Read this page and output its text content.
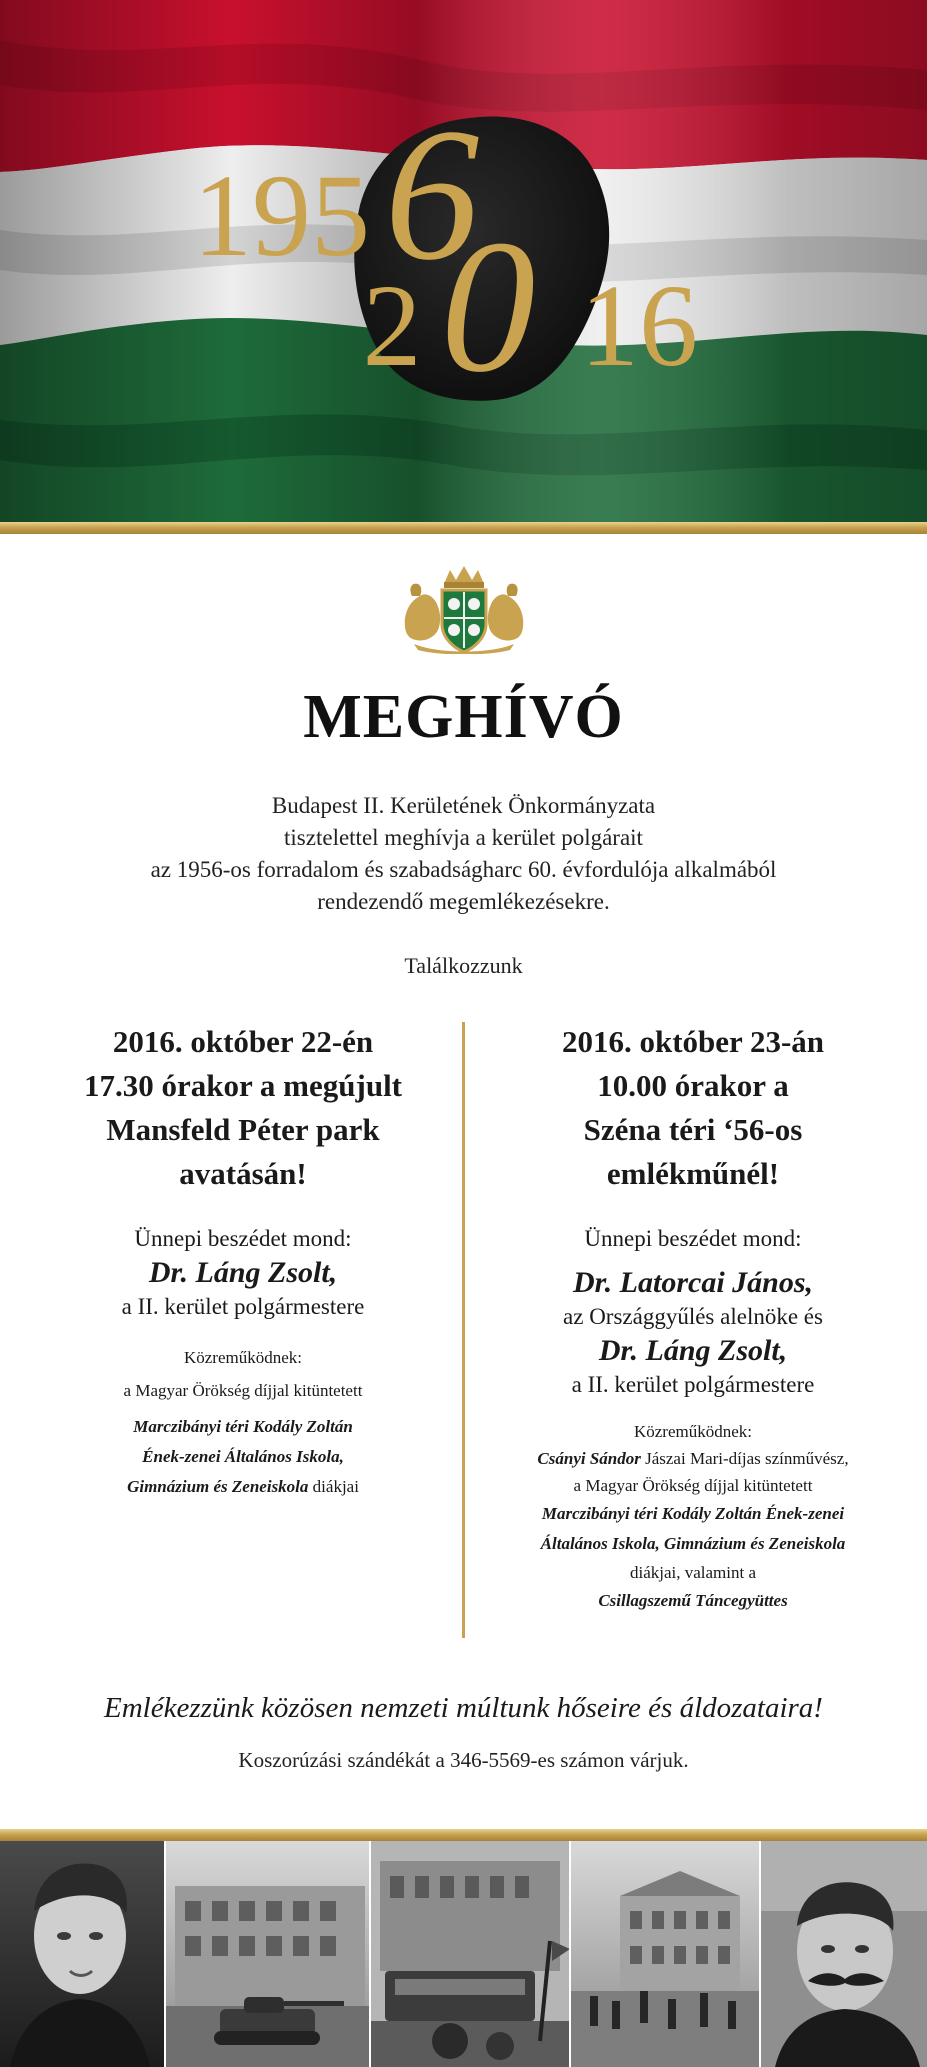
195 6
2 0 16
MEGHÍVÓ
Budapest II. Kerületének Önkormányzata
tisztelettel meghívja a kerület polgárait
az 1956-os forradalom és szabadságharc 60. évfordulója alkalmából
rendezendő megemlékezésekre.
Találkozzunk
2016. október 22-én
17.30 órakor a megújult
Mansfeld Péter park
avatásán!
Ünnepi beszédet mond:
Dr. Láng Zsolt,
a II. kerület polgármestere
Közreműködnek:
a Magyar Örökség díjjal kitüntetett
Marczibányi téri Kodály Zoltán
Ének-zenei Általános Iskola,
Gimnázium és Zeneiskola diákjai
2016. október 23-án
10.00 órakor a
Széna téri ‘56-os
emlékműnél!
Ünnepi beszédet mond:
Dr. Latorcai János,
az Országgyűlés alelnöke és
Dr. Láng Zsolt,
a II. kerület polgármestere
Közreműködnek:
Csányi Sándor Jászai Mari-díjas színművész,
a Magyar Örökség díjjal kitüntetett
Marczibányi téri Kodály Zoltán Ének-zenei
Általános Iskola, Gimnázium és Zeneiskola
diákjai, valamint a
Csillagszemű Táncegyüttes
Emlékezzünk közösen nemzeti múltunk hőseire és áldozataira!
Koszorúzási szándékát a 346-5569-es számon várjuk.
